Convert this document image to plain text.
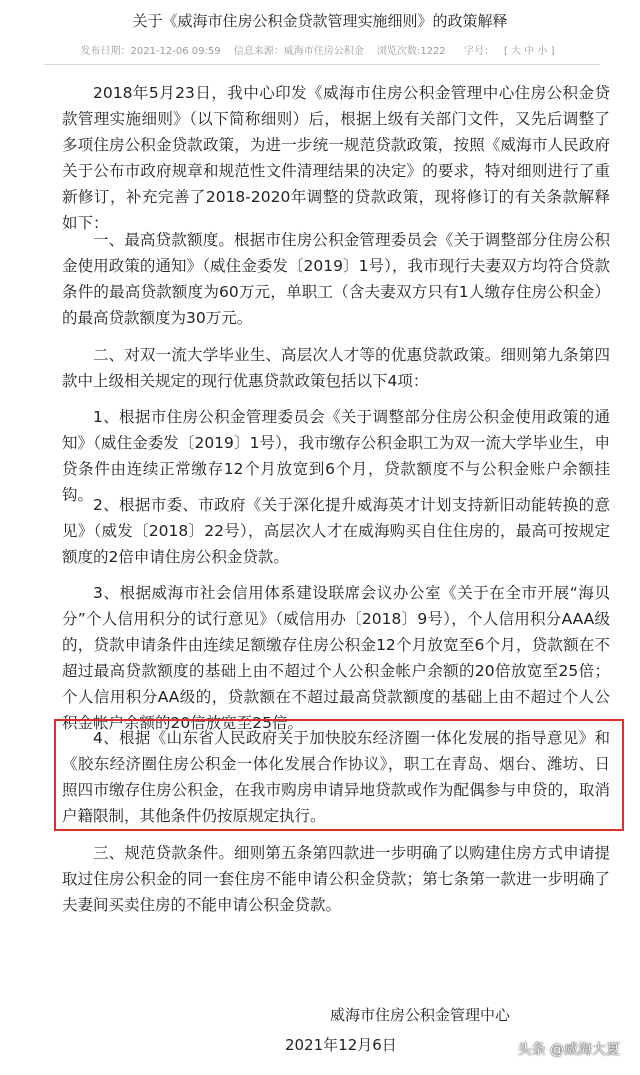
关于《威海市住房公积金贷款管理实施细则》的政策解释
发布日期：2021-12-06 09:59 信息来源：威海市住房公积金 浏览次数:1222 字号： [ 大 中 小 ]

2018年5月23日，我中心印发《威海市住房公积金管理中心住房公积金贷款管理实施细则》（以下简称细则）后，根据上级有关部门文件，又先后调整了多项住房公积金贷款政策，为进一步统一规范贷款政策，按照《威海市人民政府关于公布市政府规章和规范性文件清理结果的决定》的要求，特对细则进行了重新修订，补充完善了2018-2020年调整的贷款政策，现将修订的有关条款解释如下：

一、最高贷款额度。根据市住房公积金管理委员会《关于调整部分住房公积金使用政策的通知》（威住金委发〔2019〕1号），我市现行夫妻双方均符合贷款条件的最高贷款额度为60万元，单职工（含夫妻双方只有1人缴存住房公积金）的最高贷款额度为30万元。

二、对双一流大学毕业生、高层次人才等的优惠贷款政策。细则第九条第四款中上级相关规定的现行优惠贷款政策包括以下4项：

1、根据市住房公积金管理委员会《关于调整部分住房公积金使用政策的通知》（威住金委发〔2019〕1号），我市缴存公积金职工为双一流大学毕业生，申贷条件由连续正常缴存12个月放宽到6个月，贷款额度不与公积金账户余额挂钩。

2、根据市委、市政府《关于深化提升威海英才计划支持新旧动能转换的意见》（威发〔2018〕22号），高层次人才在威海购买自住住房的，最高可按规定额度的2倍申请住房公积金贷款。

3、根据威海市社会信用体系建设联席会议办公室《关于在全市开展“海贝分”个人信用积分的试行意见》（威信用办〔2018〕9号），个人信用积分AAA级的，贷款申请条件由连续足额缴存住房公积金12个月放宽至6个月，贷款额在不超过最高贷款额度的基础上由不超过个人公积金帐户余额的20倍放宽至25倍；个人信用积分AA级的，贷款额在不超过最高贷款额度的基础上由不超过个人公积金帐户余额的20倍放宽至25倍。

4、根据《山东省人民政府关于加快胶东经济圈一体化发展的指导意见》和《胶东经济圈住房公积金一体化发展合作协议》，职工在青岛、烟台、潍坊、日照四市缴存住房公积金，在我市购房申请异地贷款或作为配偶参与申贷的，取消户籍限制，其他条件仍按原规定执行。

三、规范贷款条件。细则第五条第四款进一步明确了以购建住房方式申请提取过住房公积金的同一套住房不能申请公积金贷款；第七条第一款进一步明确了夫妻间买卖住房的不能申请公积金贷款。

威海市住房公积金管理中心
2021年12月6日	头条 @威海大夏
